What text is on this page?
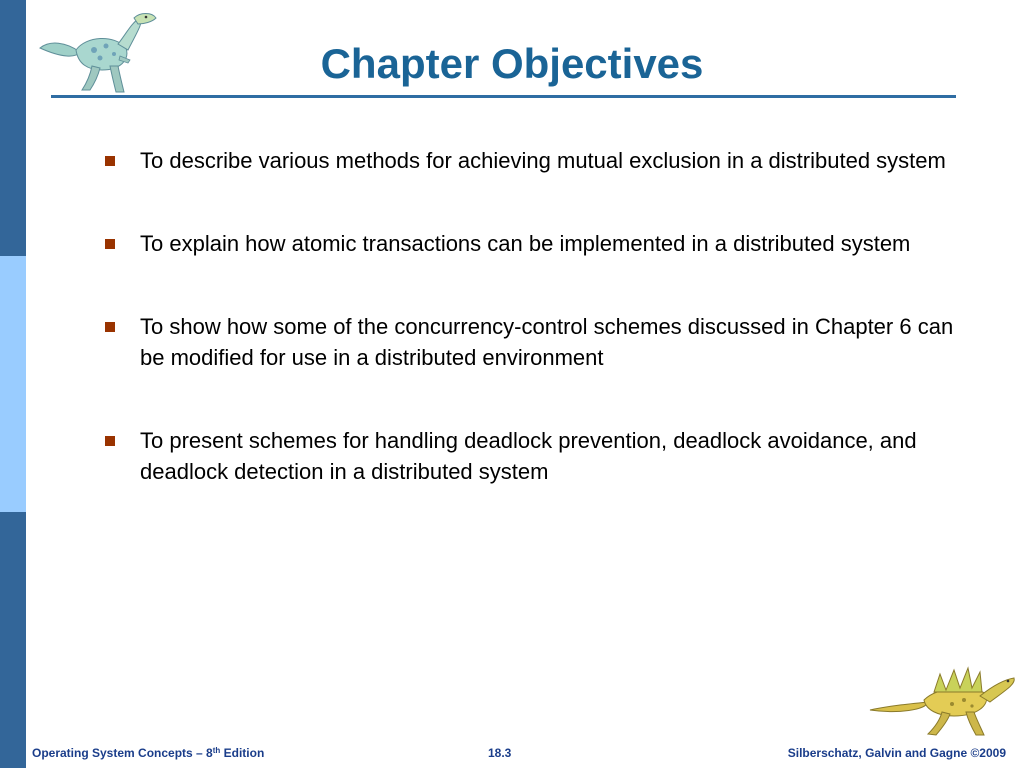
Chapter Objectives
To describe various methods for achieving mutual exclusion in a distributed system
To explain how atomic transactions can be implemented in a distributed system
To show how some of the concurrency-control schemes discussed in Chapter 6 can be modified for use in a distributed environment
To present schemes for handling deadlock prevention, deadlock avoidance, and deadlock detection in a distributed system
Operating System Concepts – 8th Edition	18.3	Silberschatz, Galvin and Gagne ©2009
